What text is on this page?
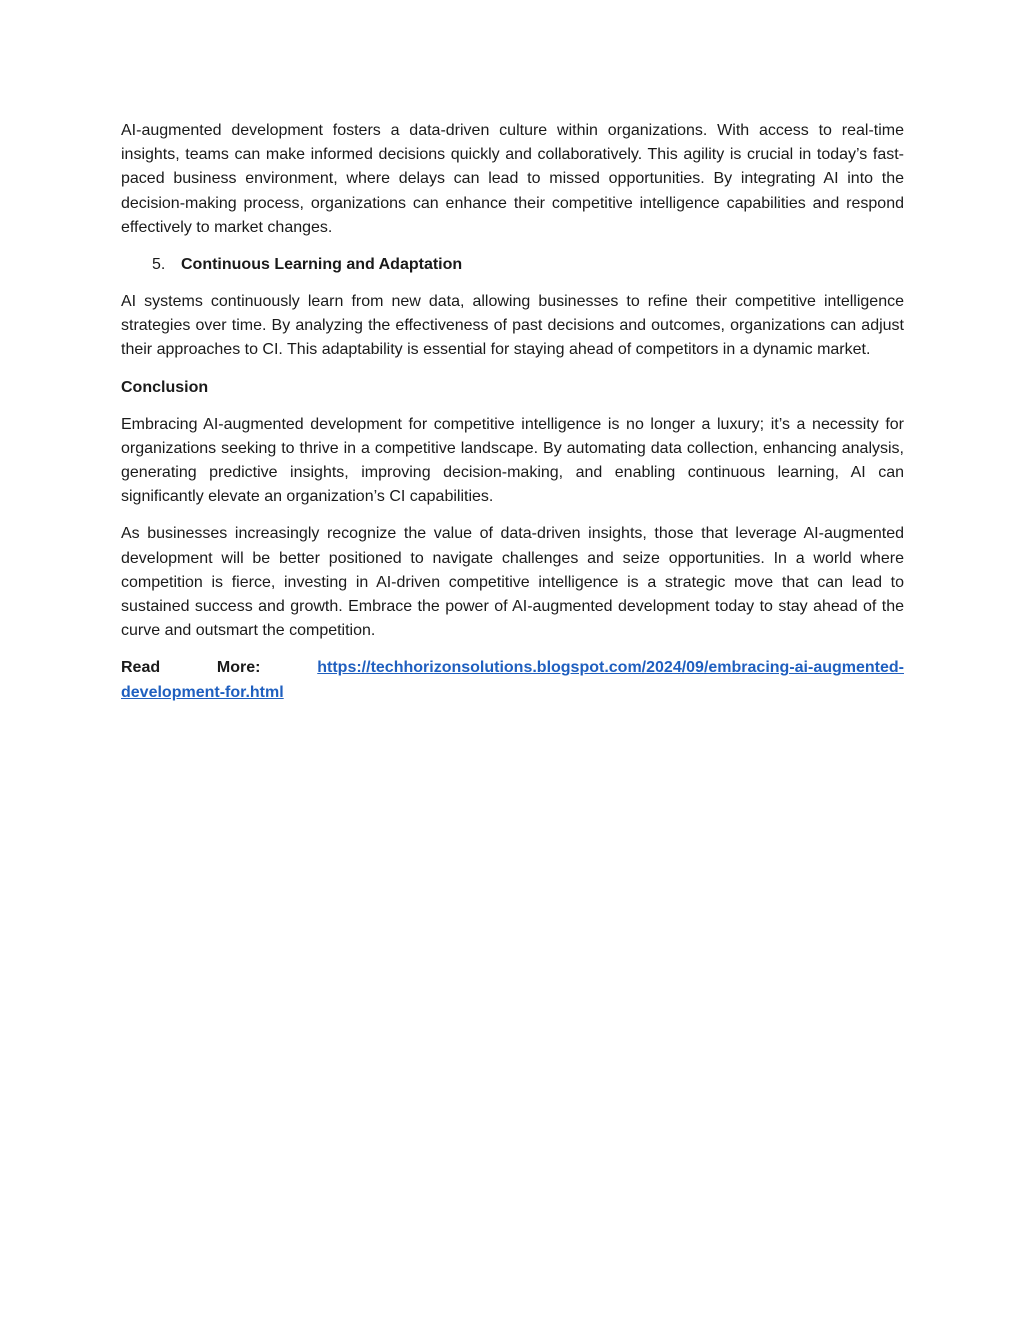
AI-augmented development fosters a data-driven culture within organizations. With access to real-time insights, teams can make informed decisions quickly and collaboratively. This agility is crucial in today’s fast-paced business environment, where delays can lead to missed opportunities. By integrating AI into the decision-making process, organizations can enhance their competitive intelligence capabilities and respond effectively to market changes.

5. Continuous Learning and Adaptation

AI systems continuously learn from new data, allowing businesses to refine their competitive intelligence strategies over time. By analyzing the effectiveness of past decisions and outcomes, organizations can adjust their approaches to CI. This adaptability is essential for staying ahead of competitors in a dynamic market.

Conclusion

Embracing AI-augmented development for competitive intelligence is no longer a luxury; it’s a necessity for organizations seeking to thrive in a competitive landscape. By automating data collection, enhancing analysis, generating predictive insights, improving decision-making, and enabling continuous learning, AI can significantly elevate an organization’s CI capabilities.

As businesses increasingly recognize the value of data-driven insights, those that leverage AI-augmented development will be better positioned to navigate challenges and seize opportunities. In a world where competition is fierce, investing in AI-driven competitive intelligence is a strategic move that can lead to sustained success and growth. Embrace the power of AI-augmented development today to stay ahead of the curve and outsmart the competition.

Read	More:	https://techhorizonsolutions.blogspot.com/2024/09/embracing-ai-augmented-
development-for.html
